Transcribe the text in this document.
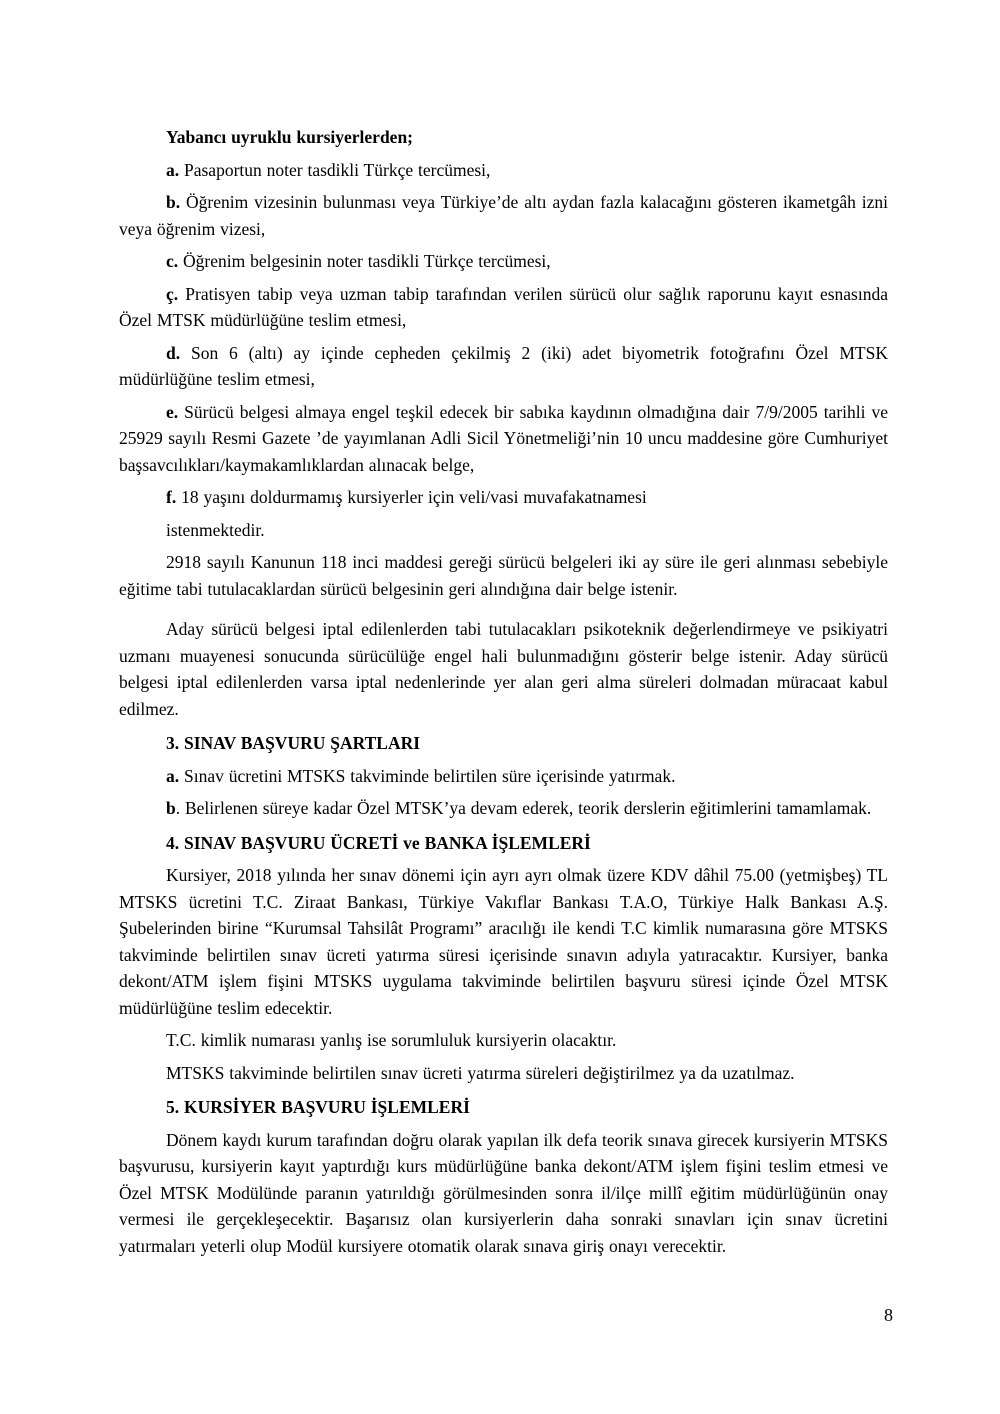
Yabancı uyruklu kursiyerlerden;

a. Pasaportun noter tasdikli Türkçe tercümesi,

b. Öğrenim vizesinin bulunması veya Türkiye’de altı aydan fazla kalacağını gösteren ikametgâh izni veya öğrenim vizesi,

c. Öğrenim belgesinin noter tasdikli Türkçe tercümesi,

ç. Pratisyen tabip veya uzman tabip tarafından verilen sürücü olur sağlık raporunu kayıt esnasında Özel MTSK müdürlüğüne teslim etmesi,

d. Son 6 (altı) ay içinde cepheden çekilmiş 2 (iki) adet biyometrik fotoğrafını Özel MTSK müdürlüğüne teslim etmesi,

e. Sürücü belgesi almaya engel teşkil edecek bir sabıka kaydının olmadığına dair 7/9/2005 tarihli ve 25929 sayılı Resmi Gazete ’de yayımlanan Adli Sicil Yönetmeliği’nin 10 uncu maddesine göre Cumhuriyet başsavcılıkları/kaymakamlıklardan alınacak belge,

f. 18 yaşını doldurmamış kursiyerler için veli/vasi muvafakatnamesi

istenmektedir.

2918 sayılı Kanunun 118 inci maddesi gereği sürücü belgeleri iki ay süre ile geri alınması sebebiyle eğitime tabi tutulacaklardan sürücü belgesinin geri alındığına dair belge istenir.

Aday sürücü belgesi iptal edilenlerden tabi tutulacakları psikoteknik değerlendirmeye ve psikiyatri uzmanı muayenesi sonucunda sürücülüğe engel hali bulunmadığını gösterir belge istenir. Aday sürücü belgesi iptal edilenlerden varsa iptal nedenlerinde yer alan geri alma süreleri dolmadan müracaat kabul edilmez.

3. SINAV BAŞVURU ŞARTLARI

a. Sınav ücretini MTSKS takviminde belirtilen süre içerisinde yatırmak.

b. Belirlenen süreye kadar Özel MTSK’ya devam ederek, teorik derslerin eğitimlerini tamamlamak.

4. SINAV BAŞVURU ÜCRETİ ve BANKA İŞLEMLERİ

Kursiyer, 2018 yılında her sınav dönemi için ayrı ayrı olmak üzere KDV dâhil 75.00 (yetmişbeş) TL MTSKS ücretini T.C. Ziraat Bankası, Türkiye Vakıflar Bankası T.A.O, Türkiye Halk Bankası A.Ş. Şubelerinden birine “Kurumsal Tahsilât Programı” aracılığı ile kendi T.C kimlik numarasına göre MTSKS takviminde belirtilen sınav ücreti yatırma süresi içerisinde sınavın adıyla yatıracaktır. Kursiyer, banka dekont/ATM işlem fişini MTSKS uygulama takviminde belirtilen başvuru süresi içinde Özel MTSK müdürlüğüne teslim edecektir.

T.C. kimlik numarası yanlış ise sorumluluk kursiyerin olacaktır.

MTSKS takviminde belirtilen sınav ücreti yatırma süreleri değiştirilmez ya da uzatılmaz.

5. KURSİYER BAŞVURU İŞLEMLERİ

Dönem kaydı kurum tarafından doğru olarak yapılan ilk defa teorik sınava girecek kursiyerin MTSKS başvurusu, kursiyerin kayıt yaptırdığı kurs müdürlüğüne banka dekont/ATM işlem fişini teslim etmesi ve Özel MTSK Modülünde paranın yatırıldığı görülmesinden sonra il/ilçe millî eğitim müdürlüğünün onay vermesi ile gerçekleşecektir. Başarısız olan kursiyerlerin daha sonraki sınavları için sınav ücretini yatırmaları yeterli olup Modül kursiyere otomatik olarak sınava giriş onayı verecektir.

8
